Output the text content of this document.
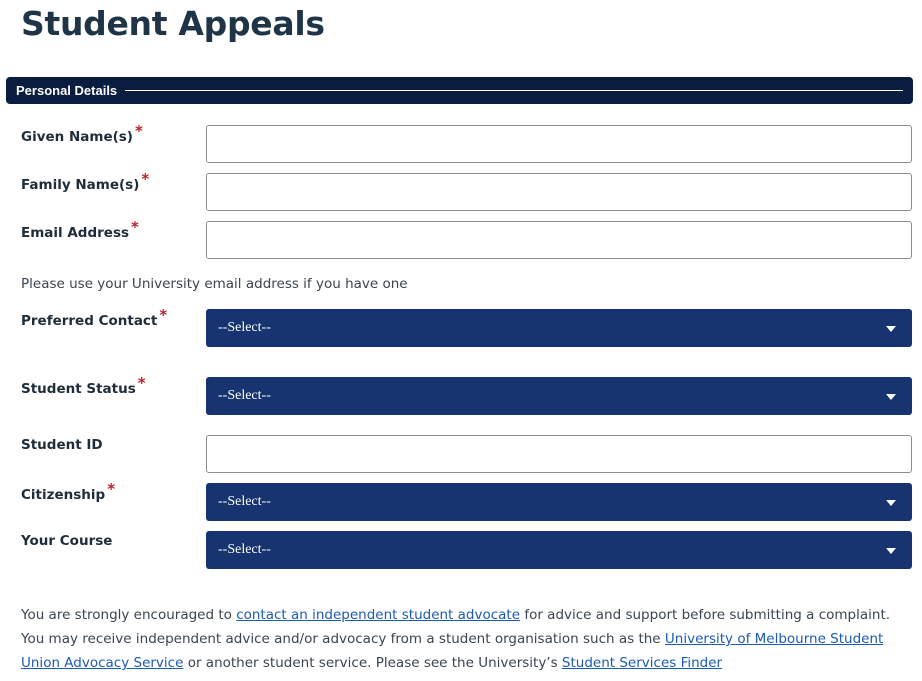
Student Appeals
Personal Details
Given Name(s) *
Family Name(s) *
Email Address *
Please use your University email address if you have one
Preferred Contact *
--Select--
Student Status *
--Select--
Student ID
Citizenship *
--Select--
Your Course
--Select--

You are strongly encouraged to contact an independent student advocate for advice and support before submitting a complaint. You may receive independent advice and/or advocacy from a student organisation such as the University of Melbourne Student Union Advocacy Service or another student service. Please see the University’s Student Services Finder
